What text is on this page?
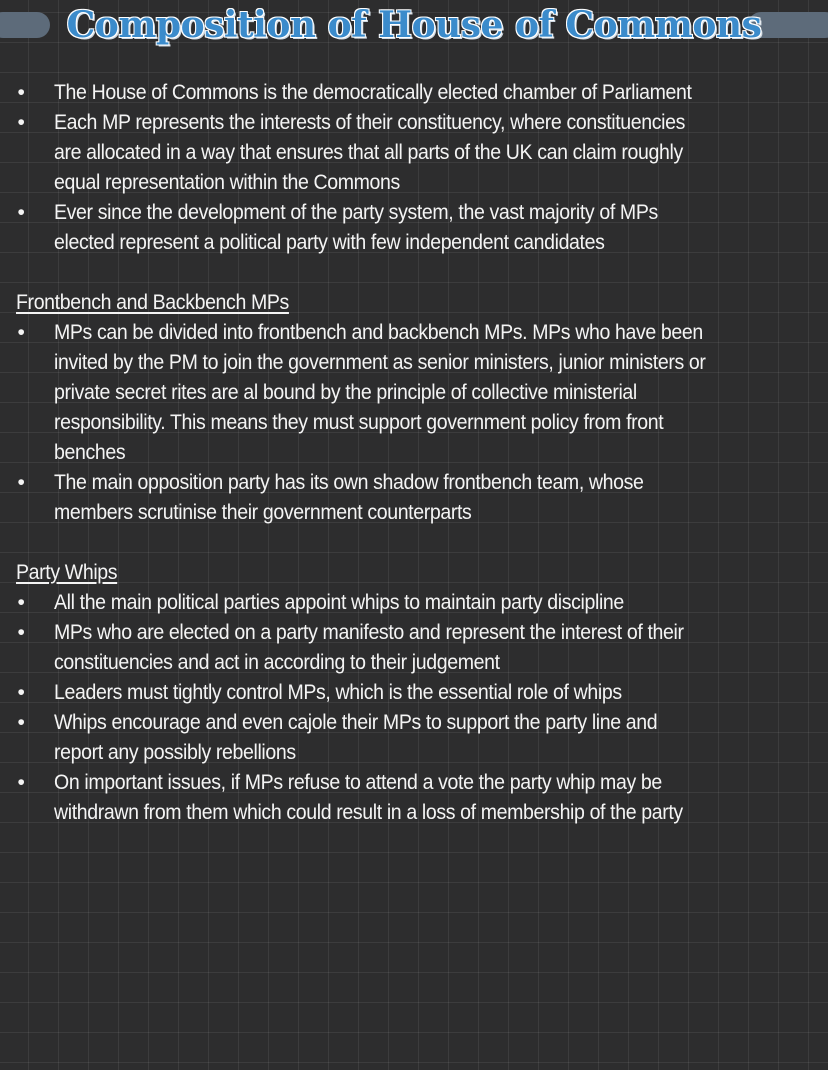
Composition of House of Commons
• The House of Commons is the democratically elected chamber of Parliament
• Each MP represents the interests of their constituency, where constituencies
are allocated in a way that ensures that all parts of the UK can claim roughly
equal representation within the Commons
• Ever since the development of the party system, the vast majority of MPs
elected represent a political party with few independent candidates
Frontbench and Backbench MPs
• MPs can be divided into frontbench and backbench MPs. MPs who have been
invited by the PM to join the government as senior ministers, junior ministers or
private secret rites are al bound by the principle of collective ministerial
responsibility. This means they must support government policy from front
benches
• The main opposition party has its own shadow frontbench team, whose
members scrutinise their government counterparts
Party Whips
• All the main political parties appoint whips to maintain party discipline
• MPs who are elected on a party manifesto and represent the interest of their
constituencies and act in according to their judgement
• Leaders must tightly control MPs, which is the essential role of whips
• Whips encourage and even cajole their MPs to support the party line and
report any possibly rebellions
• On important issues, if MPs refuse to attend a vote the party whip may be
withdrawn from them which could result in a loss of membership of the party
